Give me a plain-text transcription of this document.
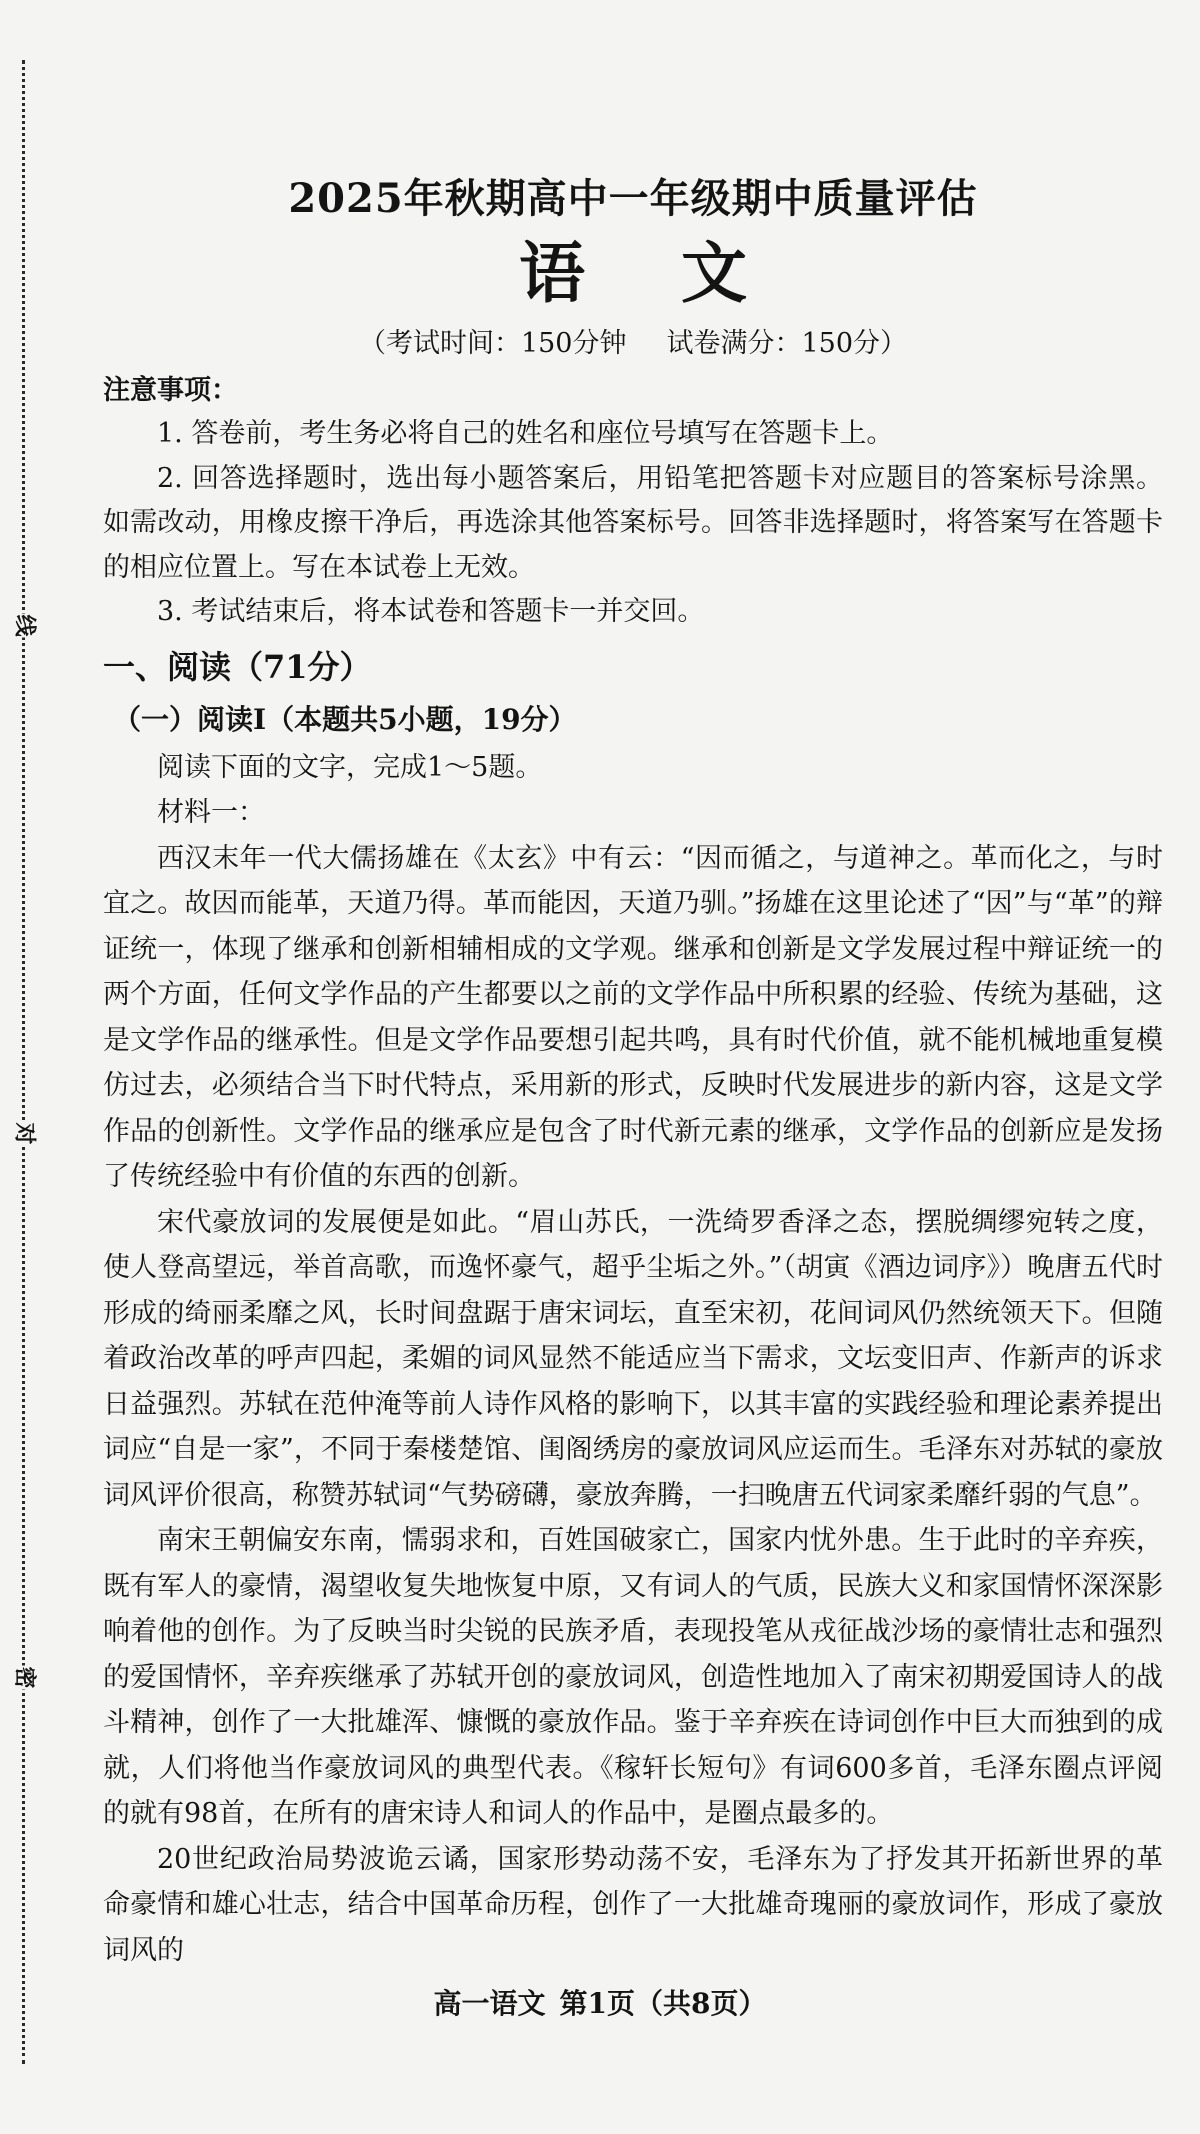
线
对
密
2025年秋期高中一年级期中质量评估
语文
（考试时间：150分钟 试卷满分：150分）
注意事项：

1. 答卷前，考生务必将自己的姓名和座位号填写在答题卡上。

2. 回答选择题时，选出每小题答案后，用铅笔把答题卡对应题目的答案标号涂黑。如需改动，用橡皮擦干净后，再选涂其他答案标号。回答非选择题时，将答案写在答题卡的相应位置上。写在本试卷上无效。

3. 考试结束后，将本试卷和答题卡一并交回。

一、阅读（71分）
（一）阅读Ⅰ（本题共5小题，19分）

阅读下面的文字，完成1～5题。

材料一：

西汉末年一代大儒扬雄在《太玄》中有云：“因而循之，与道神之。革而化之，与时宜之。故因而能革，天道乃得。革而能因，天道乃驯。”扬雄在这里论述了“因”与“革”的辩证统一，体现了继承和创新相辅相成的文学观。继承和创新是文学发展过程中辩证统一的两个方面，任何文学作品的产生都要以之前的文学作品中所积累的经验、传统为基础，这是文学作品的继承性。但是文学作品要想引起共鸣，具有时代价值，就不能机械地重复模仿过去，必须结合当下时代特点，采用新的形式，反映时代发展进步的新内容，这是文学作品的创新性。文学作品的继承应是包含了时代新元素的继承，文学作品的创新应是发扬了传统经验中有价值的东西的创新。

宋代豪放词的发展便是如此。“眉山苏氏，一洗绮罗香泽之态，摆脱绸缪宛转之度，使人登高望远，举首高歌，而逸怀豪气，超乎尘垢之外。”（胡寅《酒边词序》）晚唐五代时形成的绮丽柔靡之风，长时间盘踞于唐宋词坛，直至宋初，花间词风仍然统领天下。但随着政治改革的呼声四起，柔媚的词风显然不能适应当下需求，文坛变旧声、作新声的诉求日益强烈。苏轼在范仲淹等前人诗作风格的影响下，以其丰富的实践经验和理论素养提出词应“自是一家”，不同于秦楼楚馆、闺阁绣房的豪放词风应运而生。毛泽东对苏轼的豪放词风评价很高，称赞苏轼词“气势磅礴，豪放奔腾，一扫晚唐五代词家柔靡纤弱的气息”。

南宋王朝偏安东南，懦弱求和，百姓国破家亡，国家内忧外患。生于此时的辛弃疾，既有军人的豪情，渴望收复失地恢复中原，又有词人的气质，民族大义和家国情怀深深影响着他的创作。为了反映当时尖锐的民族矛盾，表现投笔从戎征战沙场的豪情壮志和强烈的爱国情怀，辛弃疾继承了苏轼开创的豪放词风，创造性地加入了南宋初期爱国诗人的战斗精神，创作了一大批雄浑、慷慨的豪放作品。鉴于辛弃疾在诗词创作中巨大而独到的成就，人们将他当作豪放词风的典型代表。《稼轩长短句》有词600多首，毛泽东圈点评阅的就有98首，在所有的唐宋诗人和词人的作品中，是圈点最多的。

20世纪政治局势波诡云谲，国家形势动荡不安，毛泽东为了抒发其开拓新世界的革命豪情和雄心壮志，结合中国革命历程，创作了一大批雄奇瑰丽的豪放词作，形成了豪放词风的

高一语文 第1页（共8页）
